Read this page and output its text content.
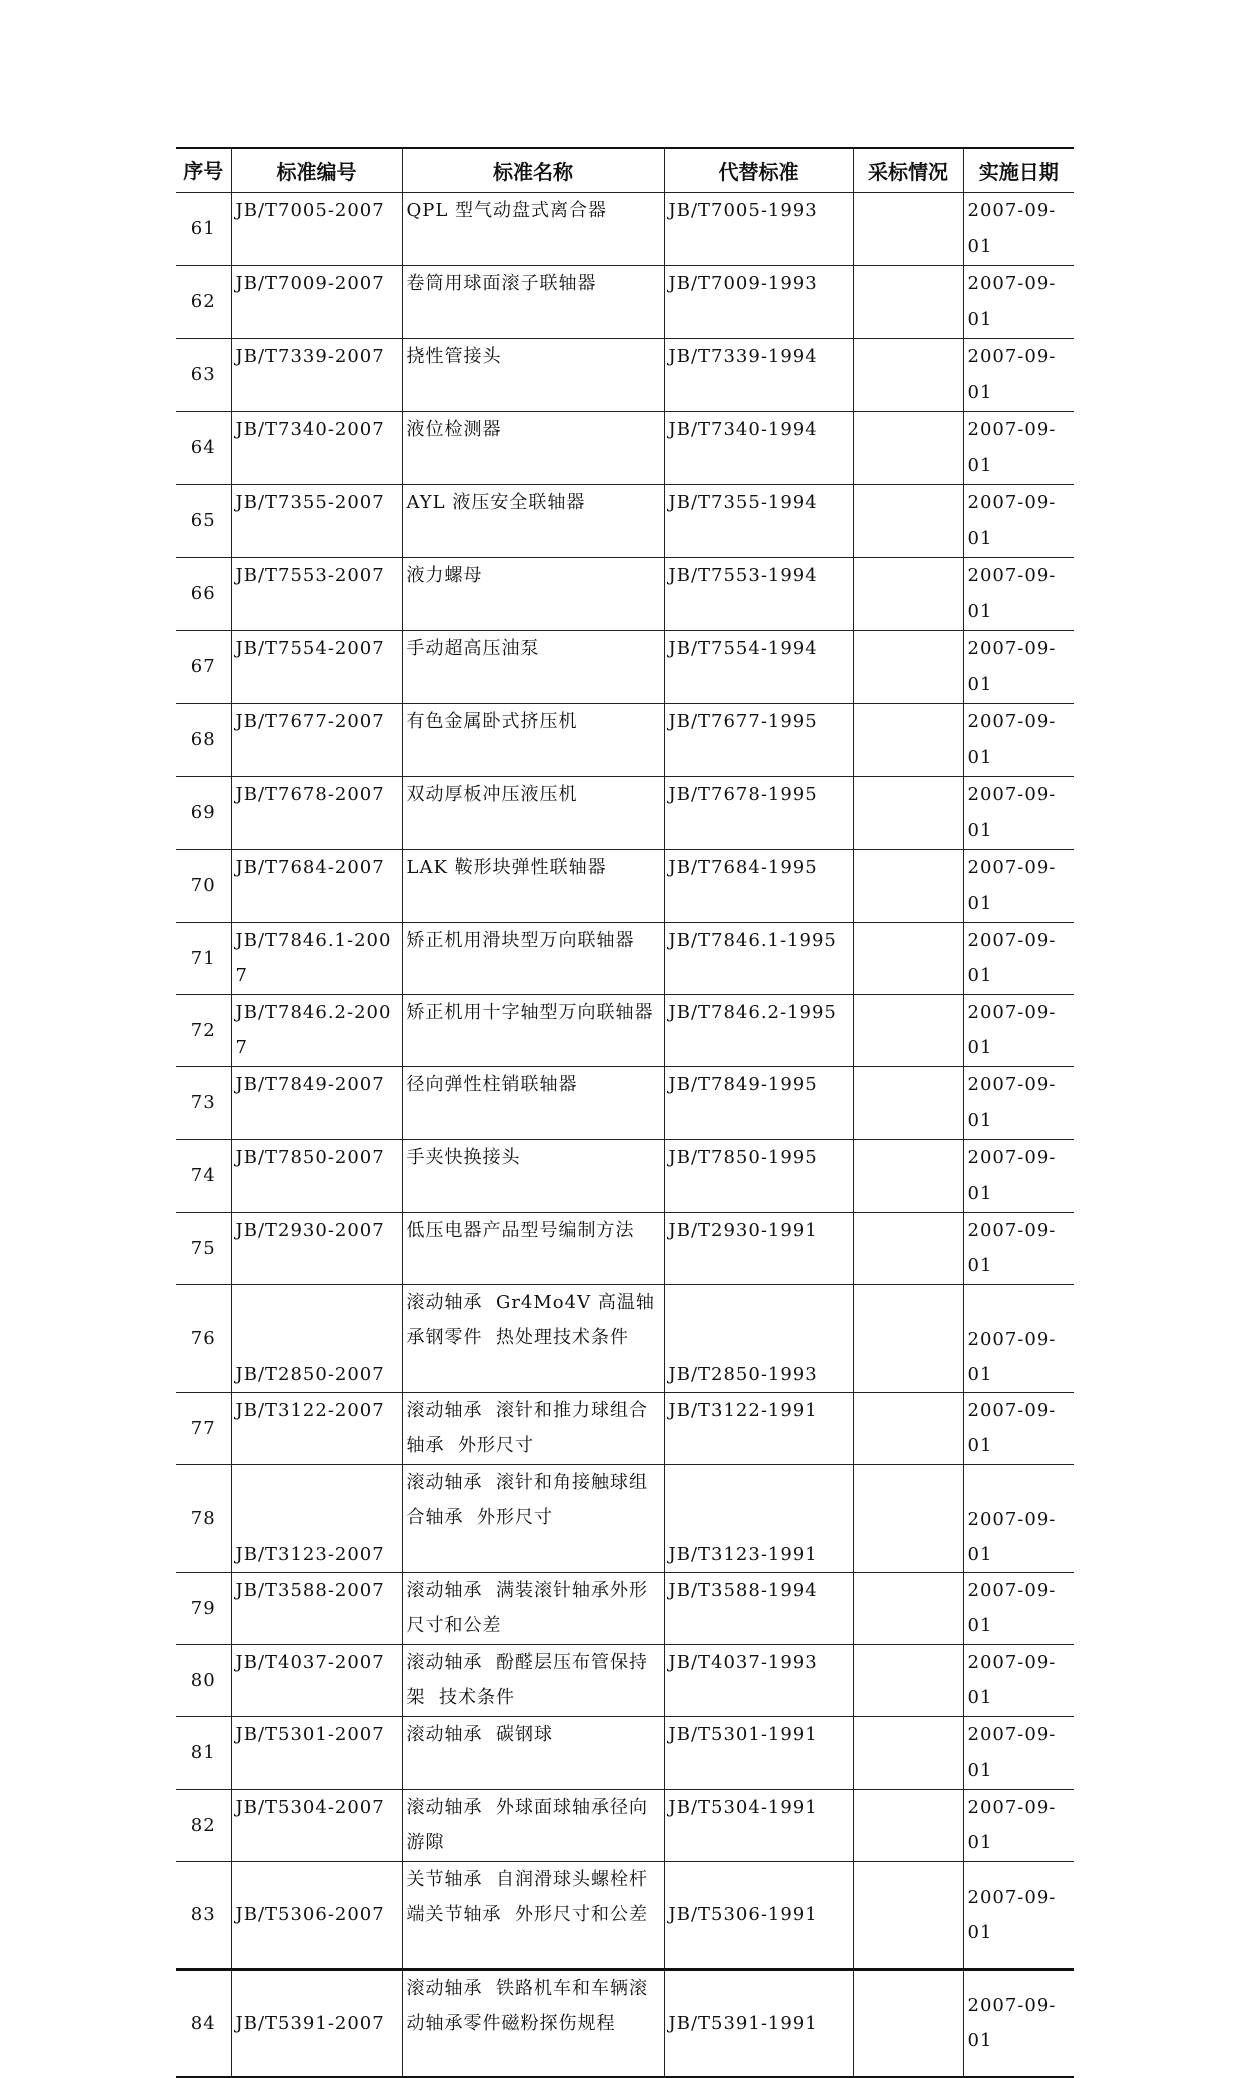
序号	标准编号	标准名称	代替标准	采标情况	实施日期
61	JB/T7005-2007	QPL 型气动盘式离合器	JB/T7005-1993		2007-09-01
62	JB/T7009-2007	卷筒用球面滚子联轴器	JB/T7009-1993		2007-09-01
63	JB/T7339-2007	挠性管接头	JB/T7339-1994		2007-09-01
64	JB/T7340-2007	液位检测器	JB/T7340-1994		2007-09-01
65	JB/T7355-2007	AYL 液压安全联轴器	JB/T7355-1994		2007-09-01
66	JB/T7553-2007	液力螺母	JB/T7553-1994		2007-09-01
67	JB/T7554-2007	手动超高压油泵	JB/T7554-1994		2007-09-01
68	JB/T7677-2007	有色金属卧式挤压机	JB/T7677-1995		2007-09-01
69	JB/T7678-2007	双动厚板冲压液压机	JB/T7678-1995		2007-09-01
70	JB/T7684-2007	LAK 鞍形块弹性联轴器	JB/T7684-1995		2007-09-01
71	JB/T7846.1-2007	矫正机用滑块型万向联轴器	JB/T7846.1-1995		2007-09-01
72	JB/T7846.2-2007	矫正机用十字轴型万向联轴器	JB/T7846.2-1995		2007-09-01
73	JB/T7849-2007	径向弹性柱销联轴器	JB/T7849-1995		2007-09-01
74	JB/T7850-2007	手夹快换接头	JB/T7850-1995		2007-09-01
75	JB/T2930-2007	低压电器产品型号编制方法	JB/T2930-1991		2007-09-01
76	JB/T2850-2007	滚动轴承  Gr4Mo4V 高温轴承钢零件  热处理技术条件	JB/T2850-1993		2007-09-01
77	JB/T3122-2007	滚动轴承  滚针和推力球组合轴承  外形尺寸	JB/T3122-1991		2007-09-01
78	JB/T3123-2007	滚动轴承  滚针和角接触球组合轴承  外形尺寸	JB/T3123-1991		2007-09-01
79	JB/T3588-2007	滚动轴承  满装滚针轴承外形尺寸和公差	JB/T3588-1994		2007-09-01
80	JB/T4037-2007	滚动轴承  酚醛层压布管保持架  技术条件	JB/T4037-1993		2007-09-01
81	JB/T5301-2007	滚动轴承  碳钢球	JB/T5301-1991		2007-09-01
82	JB/T5304-2007	滚动轴承  外球面球轴承径向游隙	JB/T5304-1991		2007-09-01
83	JB/T5306-2007	关节轴承  自润滑球头螺栓杆端关节轴承  外形尺寸和公差	JB/T5306-1991		2007-09-01
84	JB/T5391-2007	滚动轴承  铁路机车和车辆滚动轴承零件磁粉探伤规程	JB/T5391-1991		2007-09-01
